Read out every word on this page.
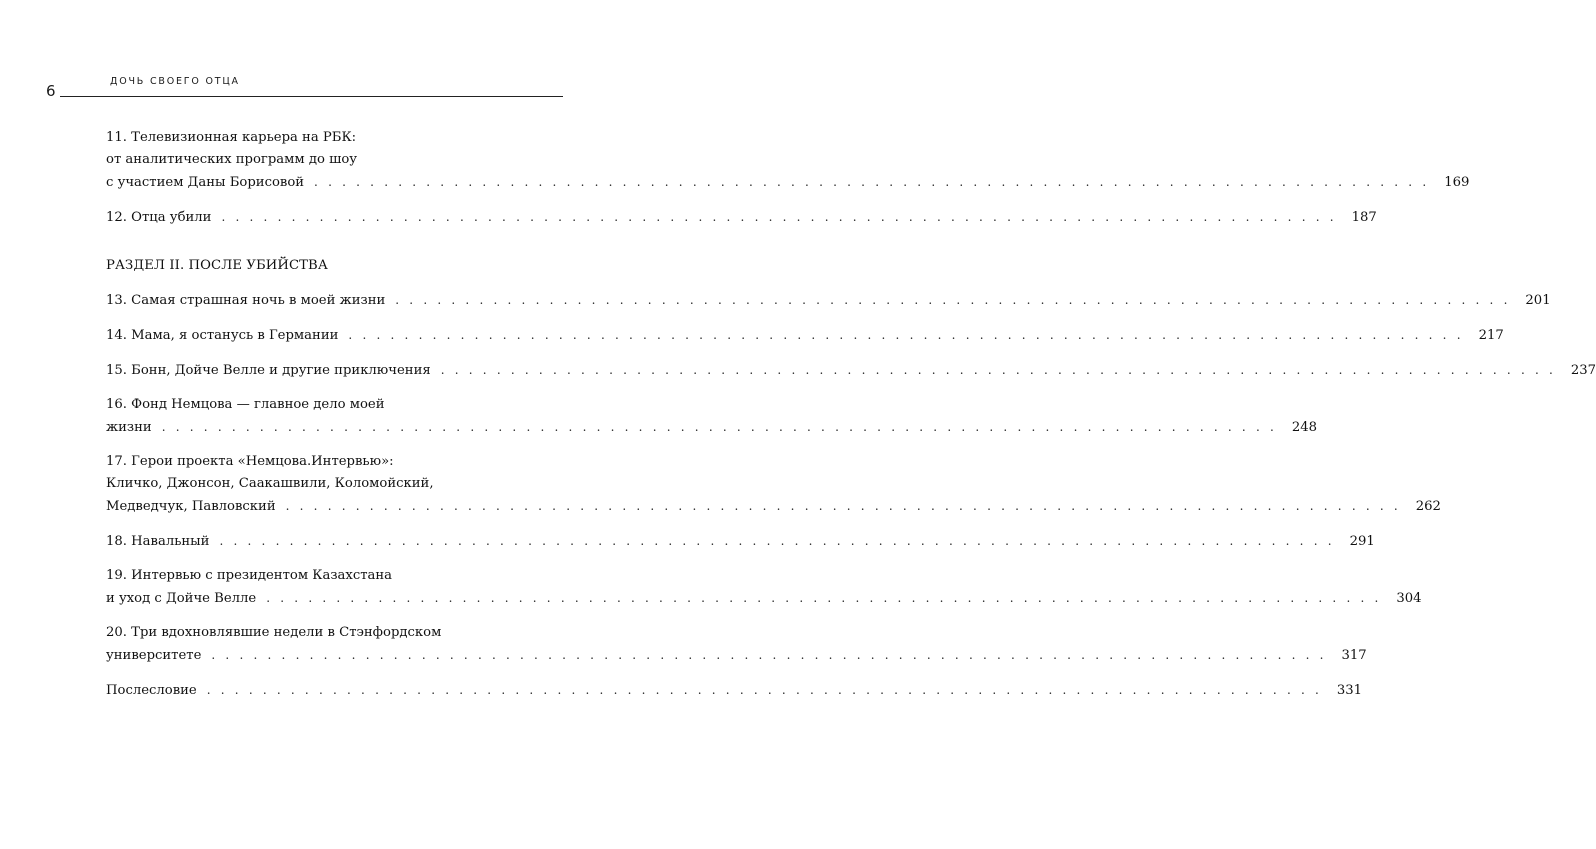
6
ДОЧЬ СВОЕГО ОТЦА
11. Телевизионная карьера на РБК:
от аналитических программ до шоу
с участием Даны Борисовой . . . . . . . . . . . . . . . . . . . . . . . . . . . . . . . . . . . . . . . . . . . . . . . . . . . . . . . . . . . . . . . . . . . . . . . . . . . . . . . .	169
12. Отца убили . . . . . . . . . . . . . . . . . . . . . . . . . . . . . . . . . . . . . . . . . . . . . . . . . . . . . . . . . . . . . . . . . . . . . . . . . . . . . . . .	187
РАЗДЕЛ II. ПОСЛЕ УБИЙСТВА
13. Самая страшная ночь в моей жизни . . . . . . . . . . . . . . . . . . . . . . . . . . . . . . . . . . . . . . . . . . . . . . . . . . . . . . . . . . . . . . . . . . . . . . . . . . . . . . . .	201
14. Мама, я останусь в Германии . . . . . . . . . . . . . . . . . . . . . . . . . . . . . . . . . . . . . . . . . . . . . . . . . . . . . . . . . . . . . . . . . . . . . . . . . . . . . . . .	217
15. Бонн, Дойче Велле и другие приключения . . . . . . . . . . . . . . . . . . . . . . . . . . . . . . . . . . . . . . . . . . . . . . . . . . . . . . . . . . . . . . . . . . . . . . . . . . . . . . . .	237
16. Фонд Немцова — главное дело моей
жизни . . . . . . . . . . . . . . . . . . . . . . . . . . . . . . . . . . . . . . . . . . . . . . . . . . . . . . . . . . . . . . . . . . . . . . . . . . . . . . . .	248
17. Герои проекта «Немцова.Интервью»:
Кличко, Джонсон, Саакашвили, Коломойский,
Медведчук, Павловский . . . . . . . . . . . . . . . . . . . . . . . . . . . . . . . . . . . . . . . . . . . . . . . . . . . . . . . . . . . . . . . . . . . . . . . . . . . . . . . .	262
18. Навальный . . . . . . . . . . . . . . . . . . . . . . . . . . . . . . . . . . . . . . . . . . . . . . . . . . . . . . . . . . . . . . . . . . . . . . . . . . . . . . . .	291
19. Интервью с президентом Казахстана
и уход с Дойче Велле . . . . . . . . . . . . . . . . . . . . . . . . . . . . . . . . . . . . . . . . . . . . . . . . . . . . . . . . . . . . . . . . . . . . . . . . . . . . . . . .	304
20. Три вдохновлявшие недели в Стэнфордском
университете . . . . . . . . . . . . . . . . . . . . . . . . . . . . . . . . . . . . . . . . . . . . . . . . . . . . . . . . . . . . . . . . . . . . . . . . . . . . . . . .	317
Послесловие . . . . . . . . . . . . . . . . . . . . . . . . . . . . . . . . . . . . . . . . . . . . . . . . . . . . . . . . . . . . . . . . . . . . . . . . . . . . . . . .	331
